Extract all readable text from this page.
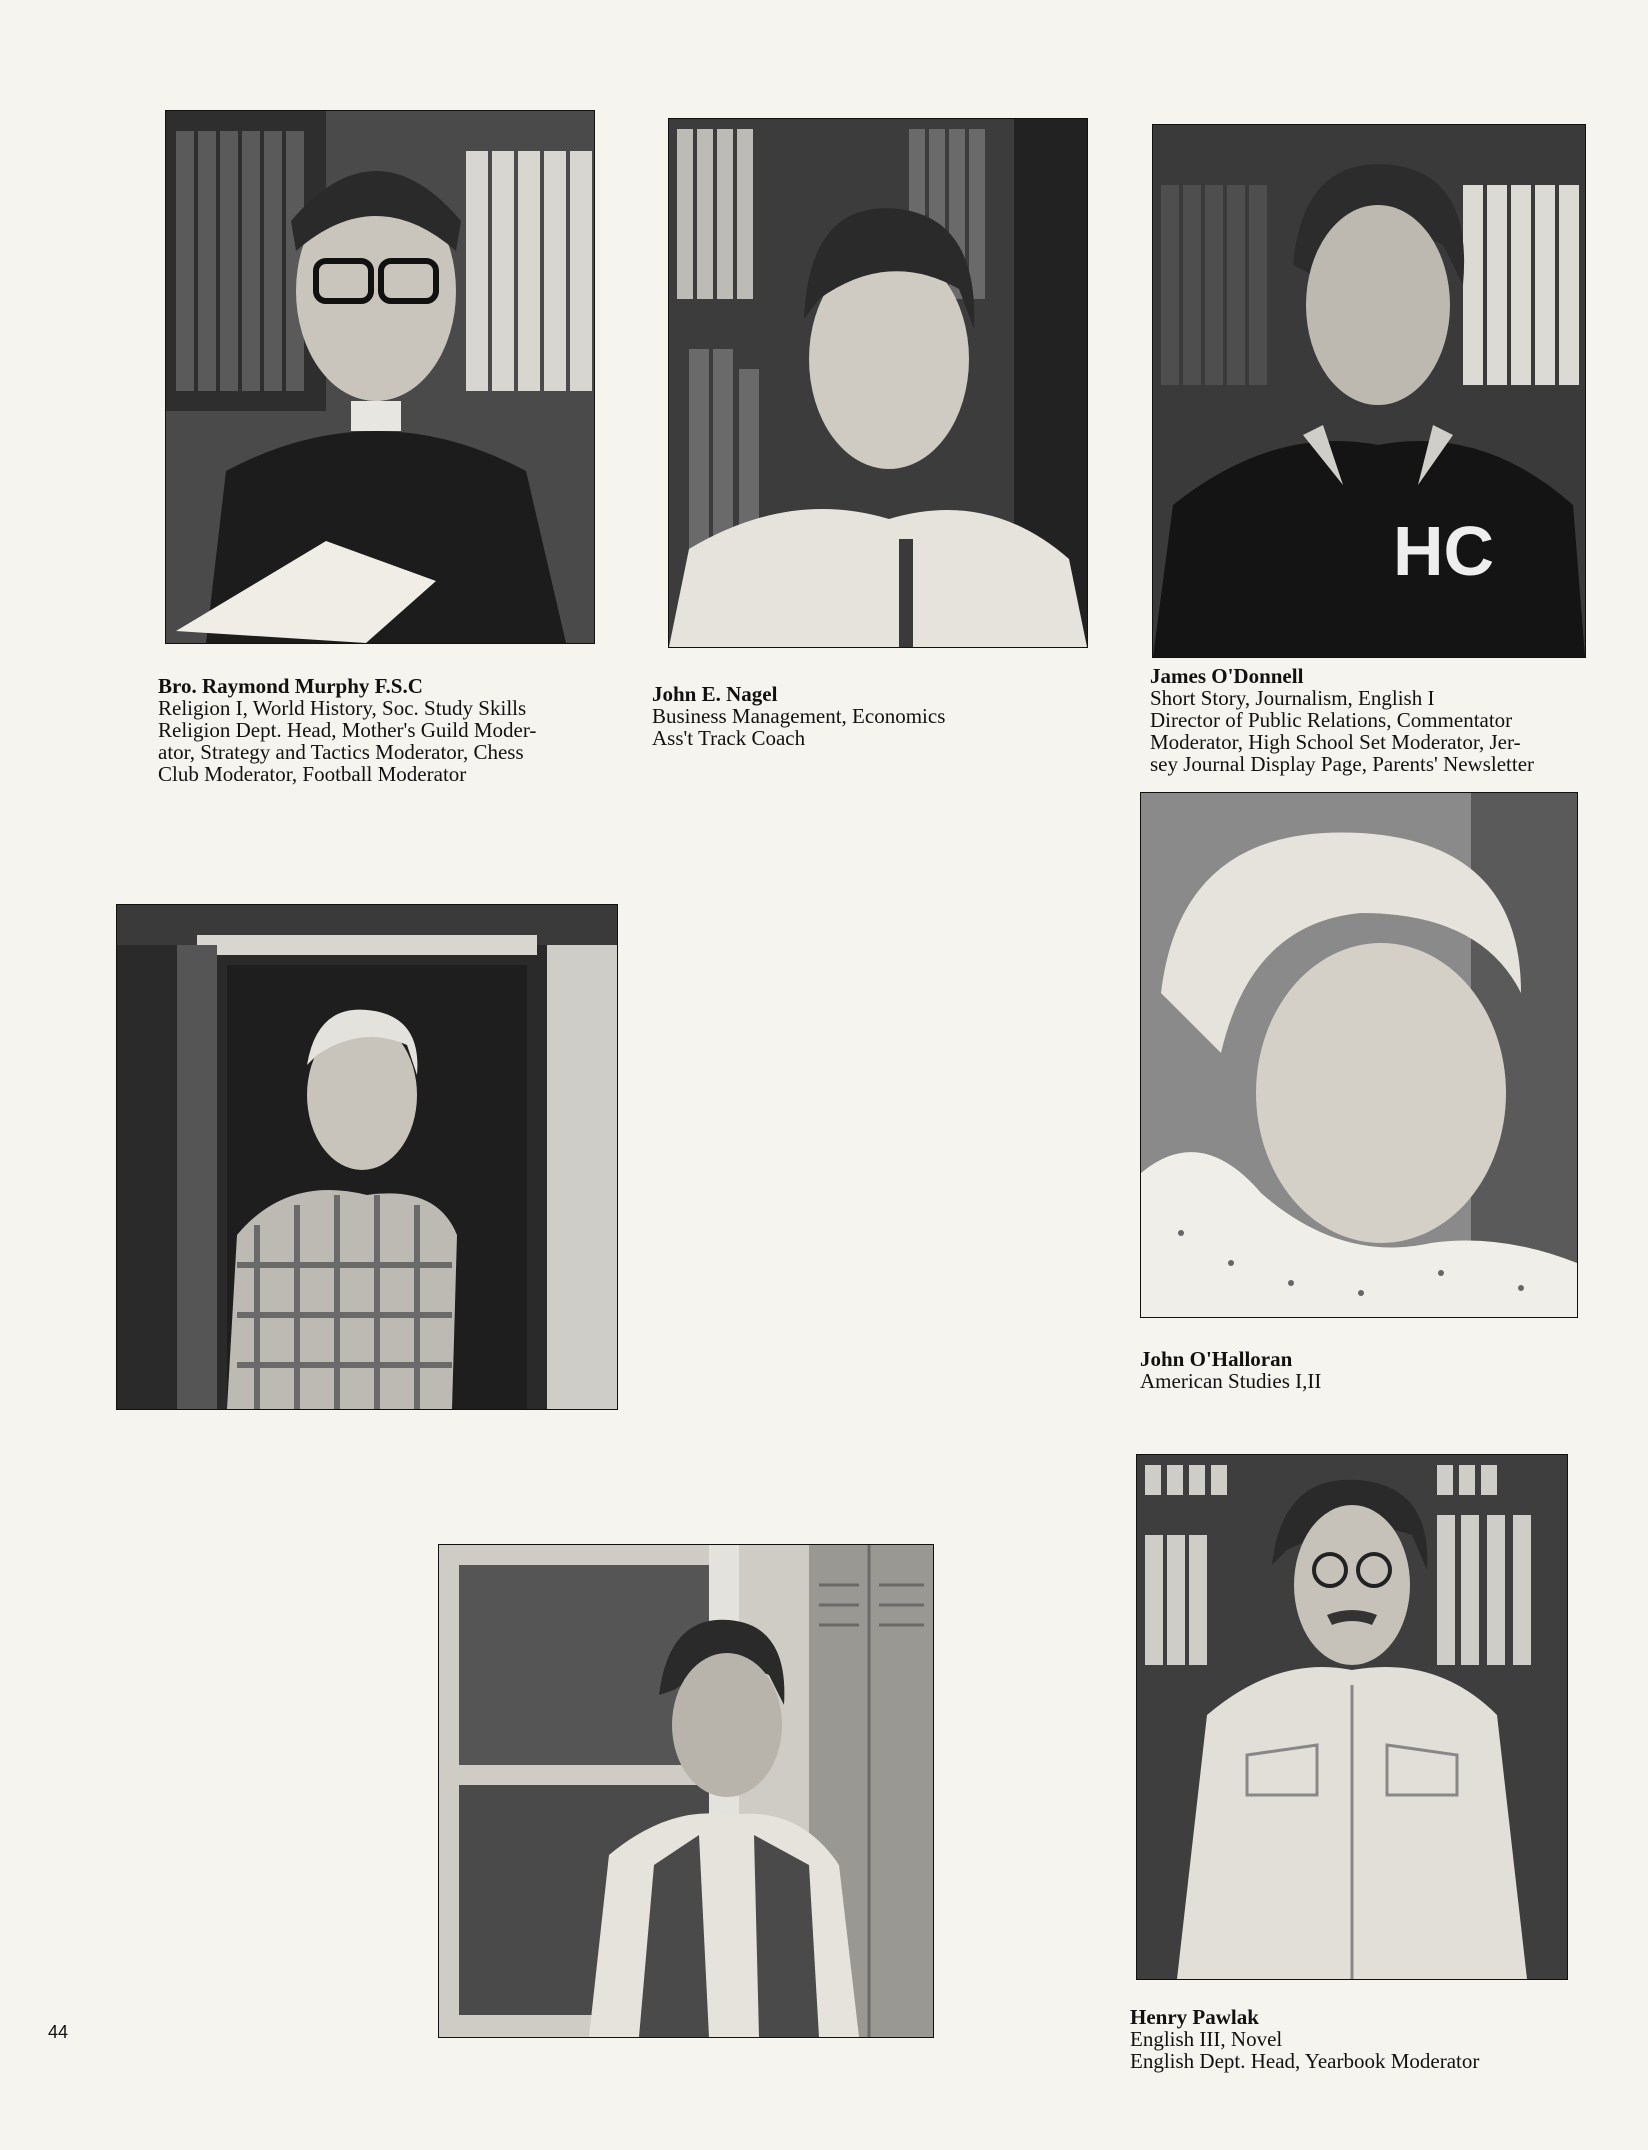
HC
Bro. Raymond Murphy F.S.C
Religion I, World History, Soc. Study Skills
Religion Dept. Head, Mother's Guild Moder-
ator, Strategy and Tactics Moderator, Chess
Club Moderator, Football Moderator
John E. Nagel
Business Management, Economics
Ass't Track Coach
James O'Donnell
Short Story, Journalism, English I
Director of Public Relations, Commentator
Moderator, High School Set Moderator, Jer-
sey Journal Display Page, Parents' Newsletter
John O'Halloran
American Studies I,II
Henry Pawlak
English III, Novel
English Dept. Head, Yearbook Moderator
44
